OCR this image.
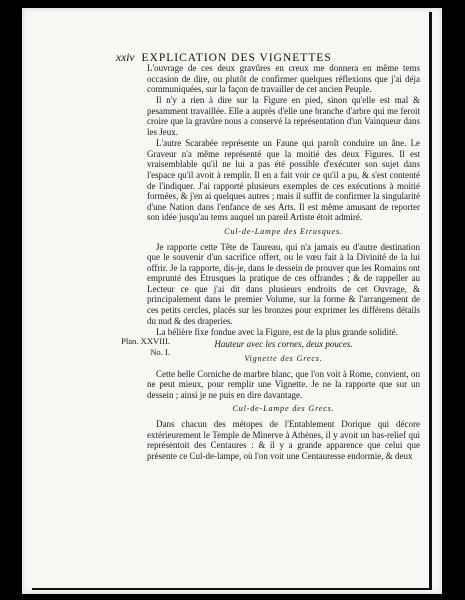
xxiv EXPLICATION DES VIGNETTES

L'ouvrage de ces deux gravûres en creux me donnera en même tems occasion de dire, ou plutôt de confirmer quelques réflexions que j'ai déja communiquées, sur la façon de travailler de cet ancien Peuple.

Il n'y a rien à dire sur la Figure en pied, sinon qu'elle est mal & pesamment travaillée. Elle a auprès d'elle une branche d'arbre qui me feroit croire que la gravûre nous a conservé la représentation d'un Vainqueur dans les Jeux.

L'autre Scarabée représente un Faune qui paroît conduire un âne. Le Graveur n'a même représenté que la moitié des deux Figures. Il est vraisemblable qu'il ne lui a pas été possible d'exécuter son sujet dans l'espace qu'il avoit à remplir. Il en a fait voir ce qu'il a pu, & s'est contenté de l'indiquer. J'ai rapporté plusieurs exemples de ces exécutions à moitié formées, & j'en ai quelques autres ; mais il suffit de confirmer la singularité d'une Nation dans l'enfance de ses Arts. Il est même amusant de reporter son idée jusqu'au tems auquel un pareil Artiste étoit admiré.

Cul-de-Lampe des Etrusques.

Je rapporte cette Tête de Taureau, qui n'a jamais eu d'autre destination que le souvenir d'un sacrifice offert, ou le vœu fait à la Divinité de la lui offrir. Je la rapporte, dis-je, dans le dessein de prouver que les Romains ont emprunté des Etrusques la pratique de ces offrandes ; & de rappeller au Lecteur ce que j'ai dit dans plusieurs endroits de cet Ouvrage, & principalement dans le premier Volume, sur la forme & l'arrangement de ces petits cercles, placés sur les bronzes pour exprimer les différens détails du nud & des draperies.

La bélière fixe fondue avec la Figure, est de la plus grande solidité.

Hauteur avec les cornes, deux pouces.
Vignette des Grecs.

Cette belle Corniche de marbre blanc, que l'on voit à Rome, convient, on ne peut mieux, pour remplir une Vignette. Je ne la rapporte que sur un dessein ; ainsi je ne puis en dire davantage.

Cul-de-Lampe des Grecs.

Dans chacun des métopes de l'Entablement Dorique qui décore extérieurement le Temple de Minerve à Athènes, il y avoit un bas-relief qui représentoit des Centaures : & il y a grande apparence que celui que présente ce Cul-de-lampe, où l'on voit une Centauresse endormie, & deux

Plan. XXVIII.
No. I.
